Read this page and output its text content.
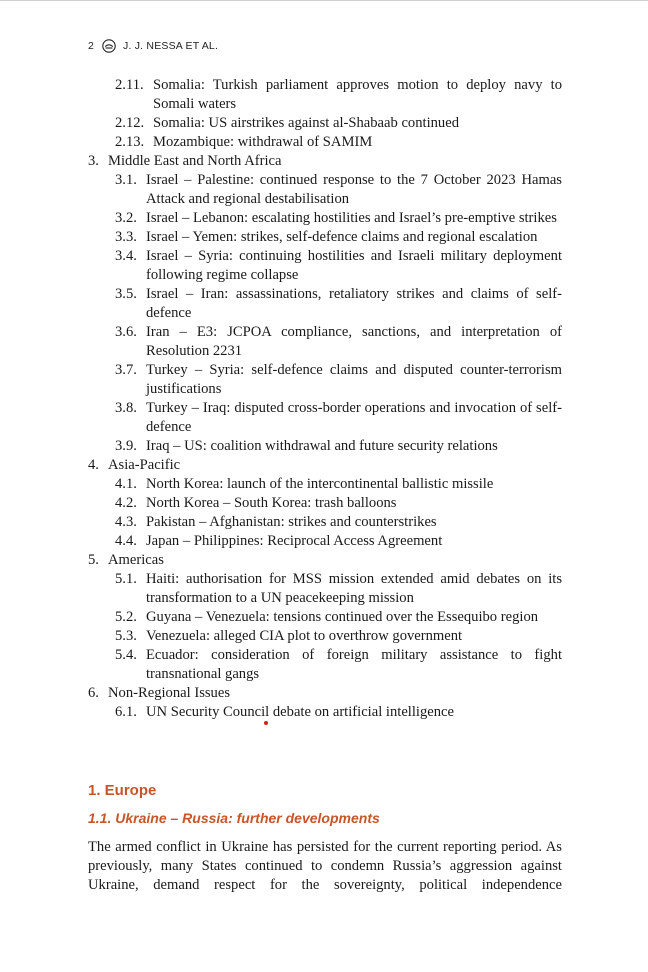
2	J. J. NESSA ET AL.
2.11. Somalia: Turkish parliament approves motion to deploy navy to Somali waters
2.12. Somalia: US airstrikes against al-Shabaab continued
2.13. Mozambique: withdrawal of SAMIM
3. Middle East and North Africa
3.1. Israel – Palestine: continued response to the 7 October 2023 Hamas Attack and regional destabilisation
3.2. Israel – Lebanon: escalating hostilities and Israel’s pre-emptive strikes
3.3. Israel – Yemen: strikes, self-defence claims and regional escalation
3.4. Israel – Syria: continuing hostilities and Israeli military deployment following regime collapse
3.5. Israel – Iran: assassinations, retaliatory strikes and claims of self-defence
3.6. Iran – E3: JCPOA compliance, sanctions, and interpretation of Resolution 2231
3.7. Turkey – Syria: self-defence claims and disputed counter-terrorism justifications
3.8. Turkey – Iraq: disputed cross-border operations and invocation of self-defence
3.9. Iraq – US: coalition withdrawal and future security relations
4. Asia-Pacific
4.1. North Korea: launch of the intercontinental ballistic missile
4.2. North Korea – South Korea: trash balloons
4.3. Pakistan – Afghanistan: strikes and counterstrikes
4.4. Japan – Philippines: Reciprocal Access Agreement
5. Americas
5.1. Haiti: authorisation for MSS mission extended amid debates on its transformation to a UN peacekeeping mission
5.2. Guyana – Venezuela: tensions continued over the Essequibo region
5.3. Venezuela: alleged CIA plot to overthrow government
5.4. Ecuador: consideration of foreign military assistance to fight transnational gangs
6. Non-Regional Issues
6.1. UN Security Council debate on artificial intelligence
1. Europe
1.1. Ukraine – Russia: further developments
The armed conflict in Ukraine has persisted for the current reporting period. As previously, many States continued to condemn Russia’s aggression against Ukraine, demand respect for the sovereignty, political independence
